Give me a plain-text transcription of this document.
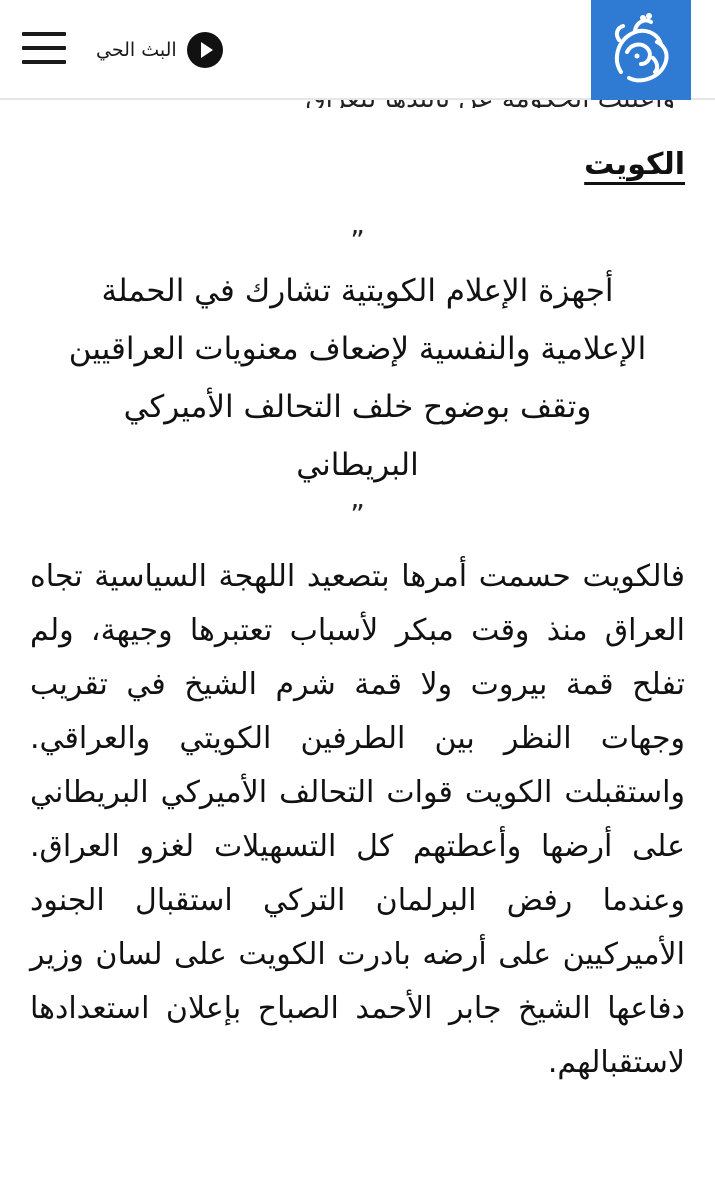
البث الحي
الكويت
”
أجهزة الإعلام الكويتية تشارك في الحملة الإعلامية والنفسية لإضعاف معنويات العراقيين وتقف بوضوح خلف التحالف الأميركي البريطاني
”

فالكويت حسمت أمرها بتصعيد اللهجة السياسية تجاه العراق منذ وقت مبكر لأسباب تعتبرها وجيهة، ولم تفلح قمة بيروت ولا قمة شرم الشيخ في تقريب وجهات النظر بين الطرفين الكويتي والعراقي. واستقبلت الكويت قوات التحالف الأميركي البريطاني على أرضها وأعطتهم كل التسهيلات لغزو العراق. وعندما رفض البرلمان التركي استقبال الجنود الأميركيين على أرضه بادرت الكويت على لسان وزير دفاعها الشيخ جابر الأحمد الصباح بإعلان استعدادها لاستقبالهم.
